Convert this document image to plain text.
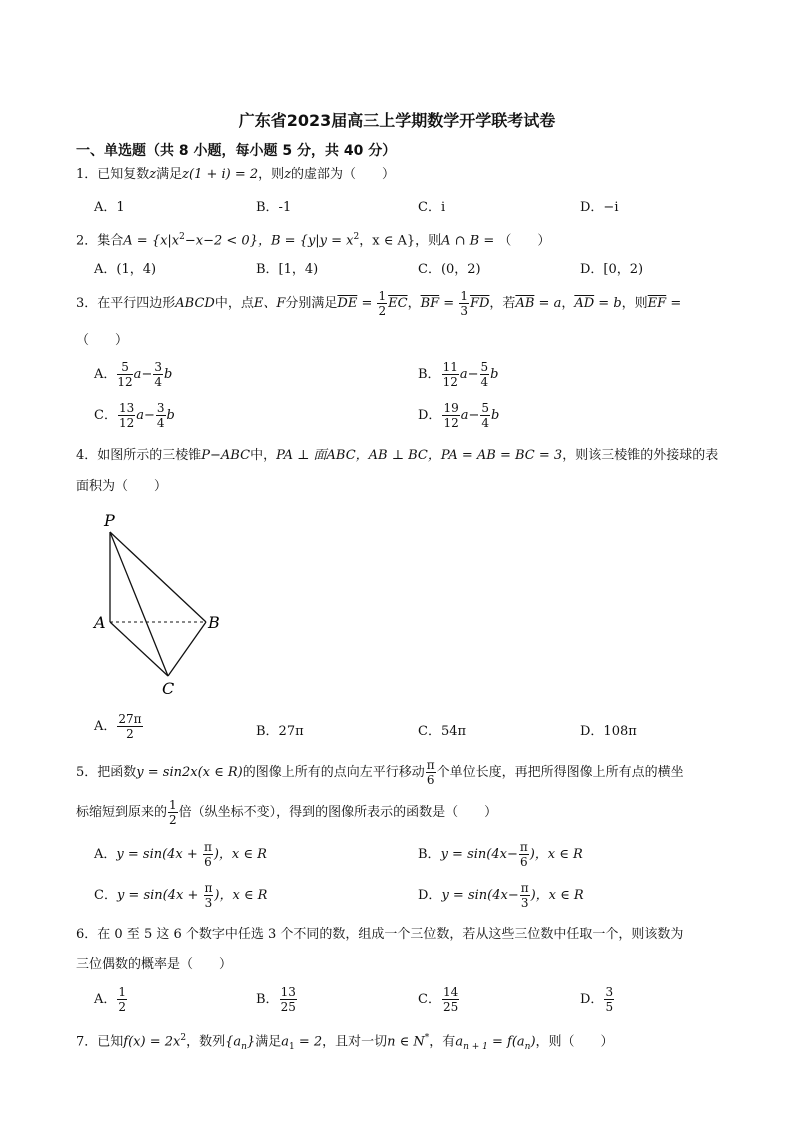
广东省2023届高三上学期数学开学联考试卷
一、单选题（共 8 小题，每小题 5 分，共 40 分）
1．已知复数z满足z(1 + i) = 2，则z的虚部为（　　）
A．1	B．-1	C．i	D．−i
2．集合$A = \{x|x^2-x-2 < 0\}$，$B = \{y|y = x^2$，x ∈ A}，则A ∩ B = （　　）
A．(1，4)	B．[1，4)	C．(0，2)	D．[0，2)
3．在平行四边形ABCD中，点E、F分别满足$\overline{DE} = \frac{1}{2} \overline{EC}$，$\overline{BF} = \frac{1}{3} \overline{FD}$，若$\overline{AB} = a$，$\overline{AD} = b$，则$\overline{EF}$ =
（　　）
A． $\frac{5}{12} a- \frac{3}{4}$ b	B． $\frac{11}{12} a- \frac{5}{4}$ b
C． $\frac{13}{12} a- \frac{3}{4}$ b	D． $\frac{19}{12} a- \frac{5}{4}$ b
4．如图所示的三棱锥P−ABC中，PA ⊥ 面ABC，AB ⊥ BC，PA = AB = BC = 3，则该三棱锥的外接球的表
面积为（　　）
P
A	B
C
A． $\frac{27\pi}{2}$	B．27π	C．54π	D．108π
5．把函数y = sin2x(x ∈ R)的图像上所有的点向左平行移动 $\frac{\pi}{6}$ 个单位长度，再把所得图像上所有点的横坐
标缩短到原来的 $\frac{1}{2}$ 倍（纵坐标不变），得到的图像所表示的函数是（　　）
A．$y = \sin(4x + \frac{\pi}{6}$ )，x ∈ R	B．$y = \sin(4x- \frac{\pi}{6}$ )，x ∈ R
C．$y = \sin(4x + \frac{\pi}{3}$ )，x ∈ R	D．$y = \sin(4x- \frac{\pi}{3}$ )，x ∈ R
6．在 0 至 5 这 6 个数字中任选 3 个不同的数，组成一个三位数，若从这些三位数中任取一个，则该数为
三位偶数的概率是（　　）
A． $\frac{1}{2}$	B． $\frac{13}{25}$	C． $\frac{14}{25}$	D． $\frac{3}{5}$
7．已知$f(x) = 2x^2$，数列$\{a_n\}$满足$a_1 = 2$，且对一切n ∈ N*，有$a_{n + 1} = f(a_n)$，则（　　）
